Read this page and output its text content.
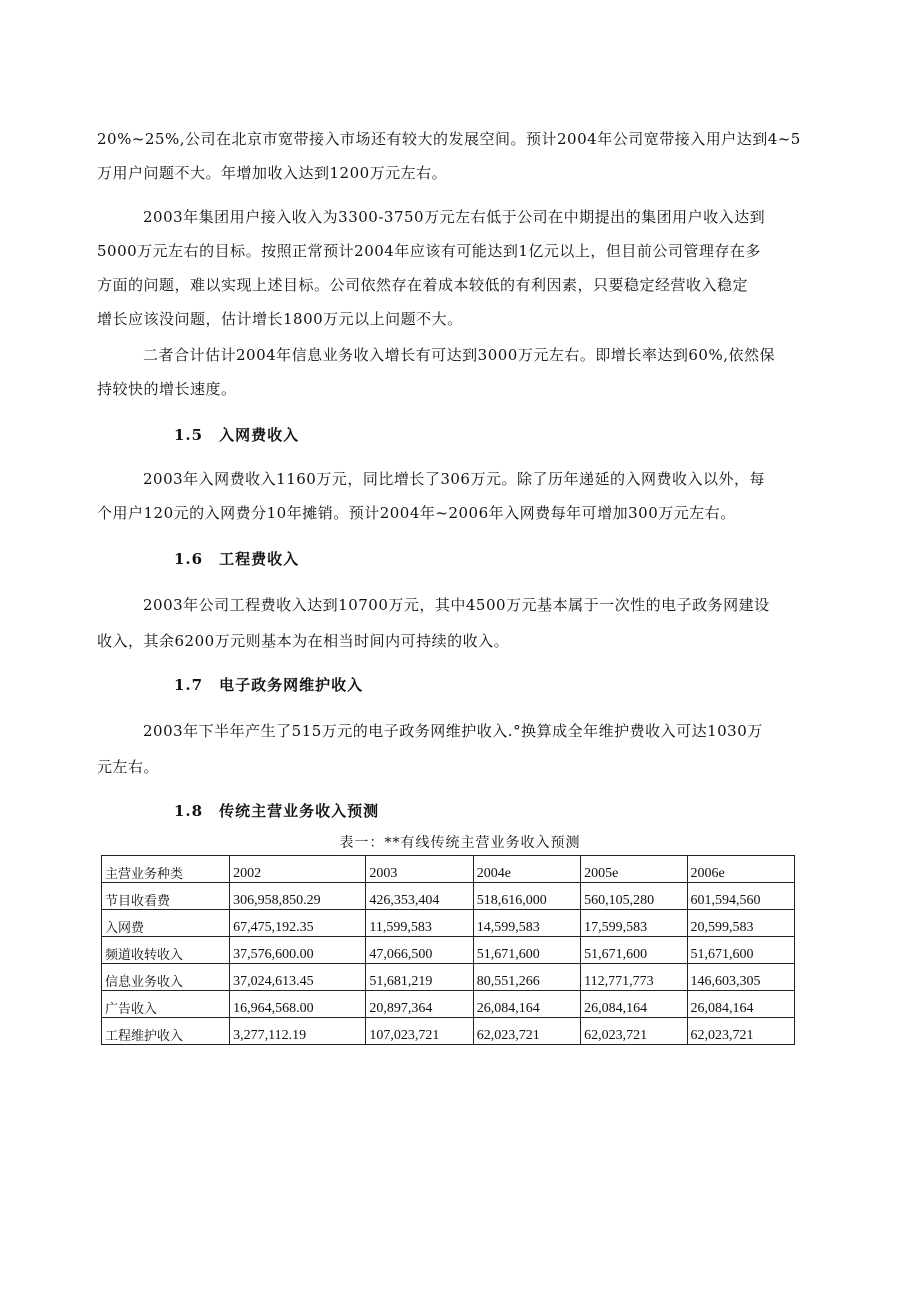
20%~25%,公司在北京市宽带接入市场还有较大的发展空间。预计2004年公司宽带接入用户达到4~5
万用户问题不大。年增加收入达到1200万元左右。
2003年集团用户接入收入为3300-3750万元左右低于公司在中期提出的集团用户收入达到
5000万元左右的目标。按照正常预计2004年应该有可能达到1亿元以上，但目前公司管理存在多
方面的问题，难以实现上述目标。公司依然存在着成本较低的有利因素，只要稳定经营收入稳定
增长应该没问题，估计增长1800万元以上问题不大。
二者合计估计2004年信息业务收入增长有可达到3000万元左右。即增长率达到60%,依然保
持较快的增长速度。
1.5　入网费收入
2003年入网费收入1160万元，同比增长了306万元。除了历年递延的入网费收入以外，每
个用户120元的入网费分10年摊销。预计2004年~2006年入网费每年可增加300万元左右。
1.6　工程费收入
2003年公司工程费收入达到10700万元，其中4500万元基本属于一次性的电子政务网建设
收入，其余6200万元则基本为在相当时间内可持续的收入。
1.7　电子政务网维护收入
2003年下半年产生了515万元的电子政务网维护收入.°换算成全年维护费收入可达1030万
元左右。
1.8　传统主营业务收入预测
表一：**有线传统主营业务收入预测
主营业务种类	2002	2003	2004e	2005e	2006e
节目收看费	306,958,850.29	426,353,404	518,616,000	560,105,280	601,594,560
入网费	67,475,192.35	11,599,583	14,599,583	17,599,583	20,599,583
频道收转收入	37,576,600.00	47,066,500	51,671,600	51,671,600	51,671,600
信息业务收入	37,024,613.45	51,681,219	80,551,266	112,771,773	146,603,305
广告收入	16,964,568.00	20,897,364	26,084,164	26,084,164	26,084,164
工程维护收入	3,277,112.19	107,023,721	62,023,721	62,023,721	62,023,721
